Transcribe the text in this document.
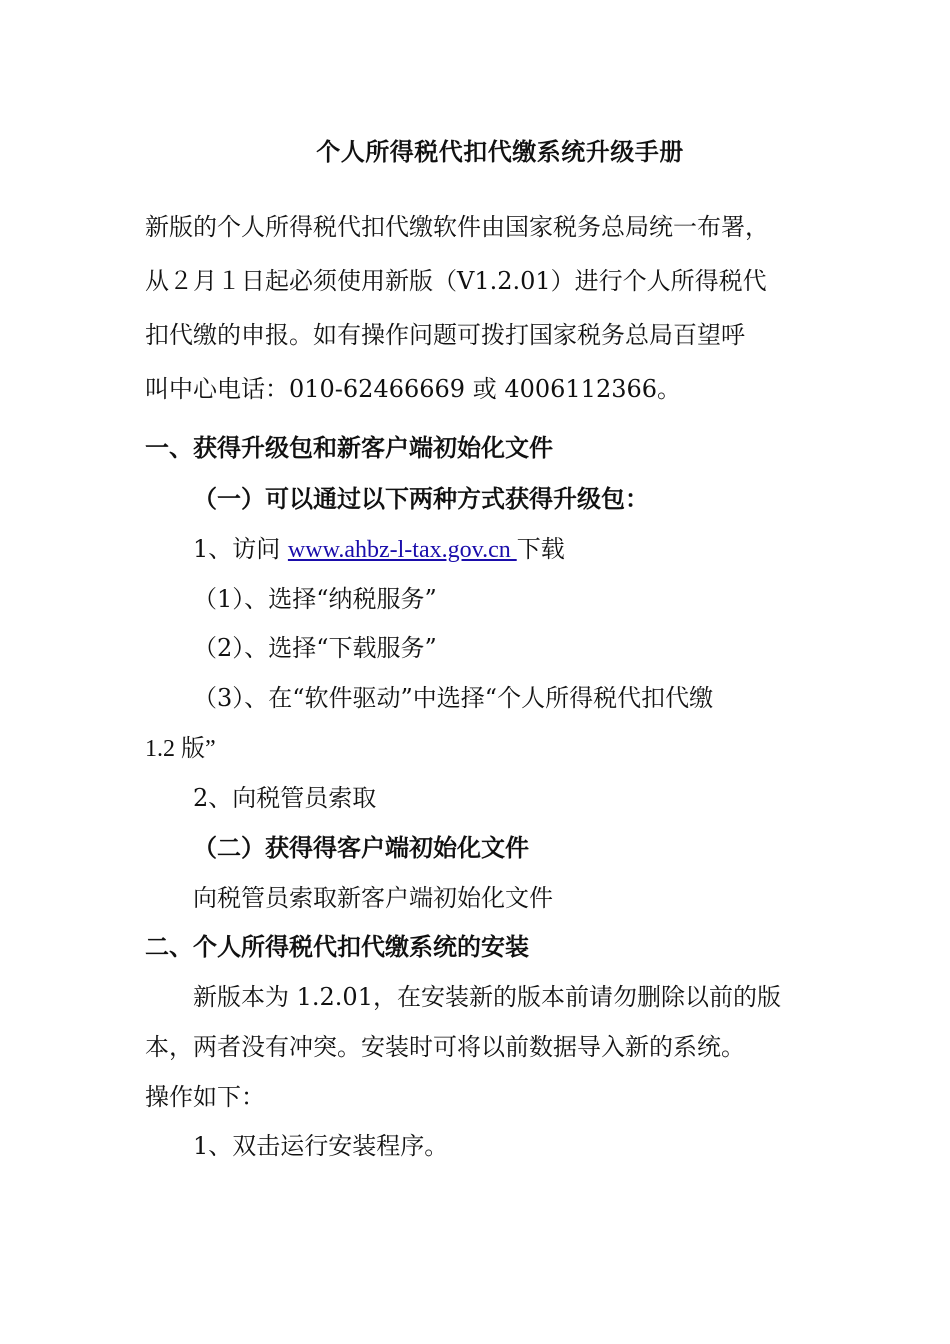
个人所得税代扣代缴系统升级手册

新版的个人所得税代扣代缴软件由国家税务总局统一布署，

从２月１日起必须使用新版（V1.2.01）进行个人所得税代

扣代缴的申报。如有操作问题可拨打国家税务总局百望呼

叫中心电话：010-62466669 或 4006112366。

一、获得升级包和新客户端初始化文件
（一）可以通过以下两种方式获得升级包：
1、访问 www.ahbz-l-tax.gov.cn 下载
（1）、选择“纳税服务”
（2）、选择“下载服务”
（3）、在“软件驱动”中选择“个人所得税代扣代缴
1.2 版”
2、向税管员索取
（二）获得得客户端初始化文件
向税管员索取新客户端初始化文件
二、个人所得税代扣代缴系统的安装
新版本为 1.2.01，在安装新的版本前请勿删除以前的版
本，两者没有冲突。安装时可将以前数据导入新的系统。
操作如下：
1、双击运行安装程序。
